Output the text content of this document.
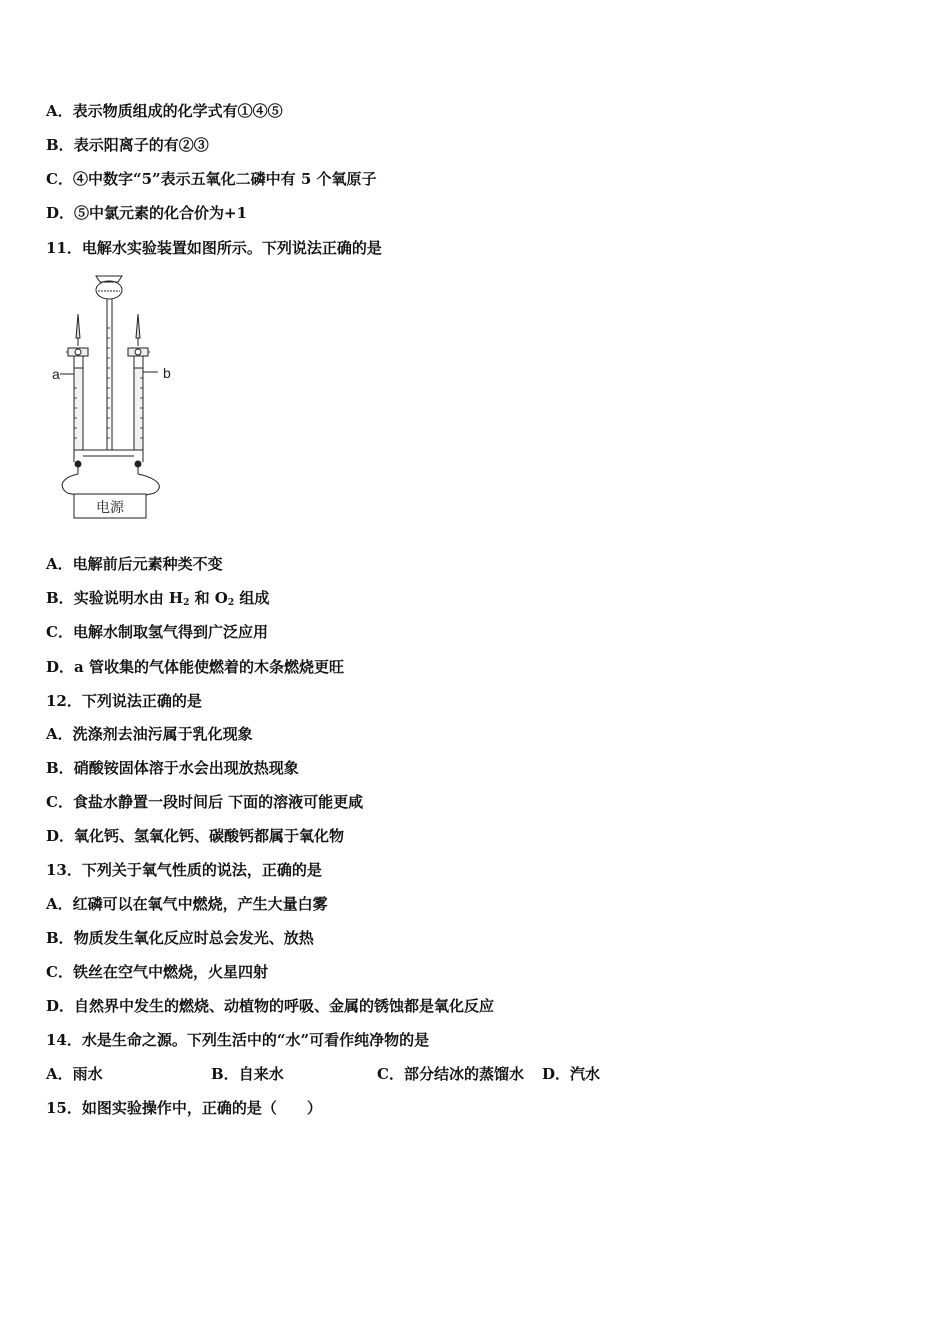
A．表示物质组成的化学式有①④⑤
B．表示阳离子的有②③
C．④中数字“5”表示五氧化二磷中有 5 个氧原子
D．⑤中氯元素的化合价为+1
11．电解水实验装置如图所示。下列说法正确的是
a	b
电源
A．电解前后元素种类不变
B．实验说明水由 $H_2$ 和 $O_2$ 组成
C．电解水制取氢气得到广泛应用
D．a 管收集的气体能使燃着的木条燃烧更旺
12．下列说法正确的是
A．洗涤剂去油污属于乳化现象
B．硝酸铵固体溶于水会出现放热现象
C．食盐水静置一段时间后 下面的溶液可能更咸
D．氧化钙、氢氧化钙、碳酸钙都属于氧化物
13．下列关于氧气性质的说法，正确的是
A．红磷可以在氧气中燃烧，产生大量白雾
B．物质发生氧化反应时总会发光、放热
C．铁丝在空气中燃烧，火星四射
D．自然界中发生的燃烧、动植物的呼吸、金属的锈蚀都是氧化反应
14．水是生命之源。下列生活中的“水”可看作纯净物的是
A．雨水	B．自来水	C．部分结冰的蒸馏水 D．汽水
15．如图实验操作中，正确的是（　　）
